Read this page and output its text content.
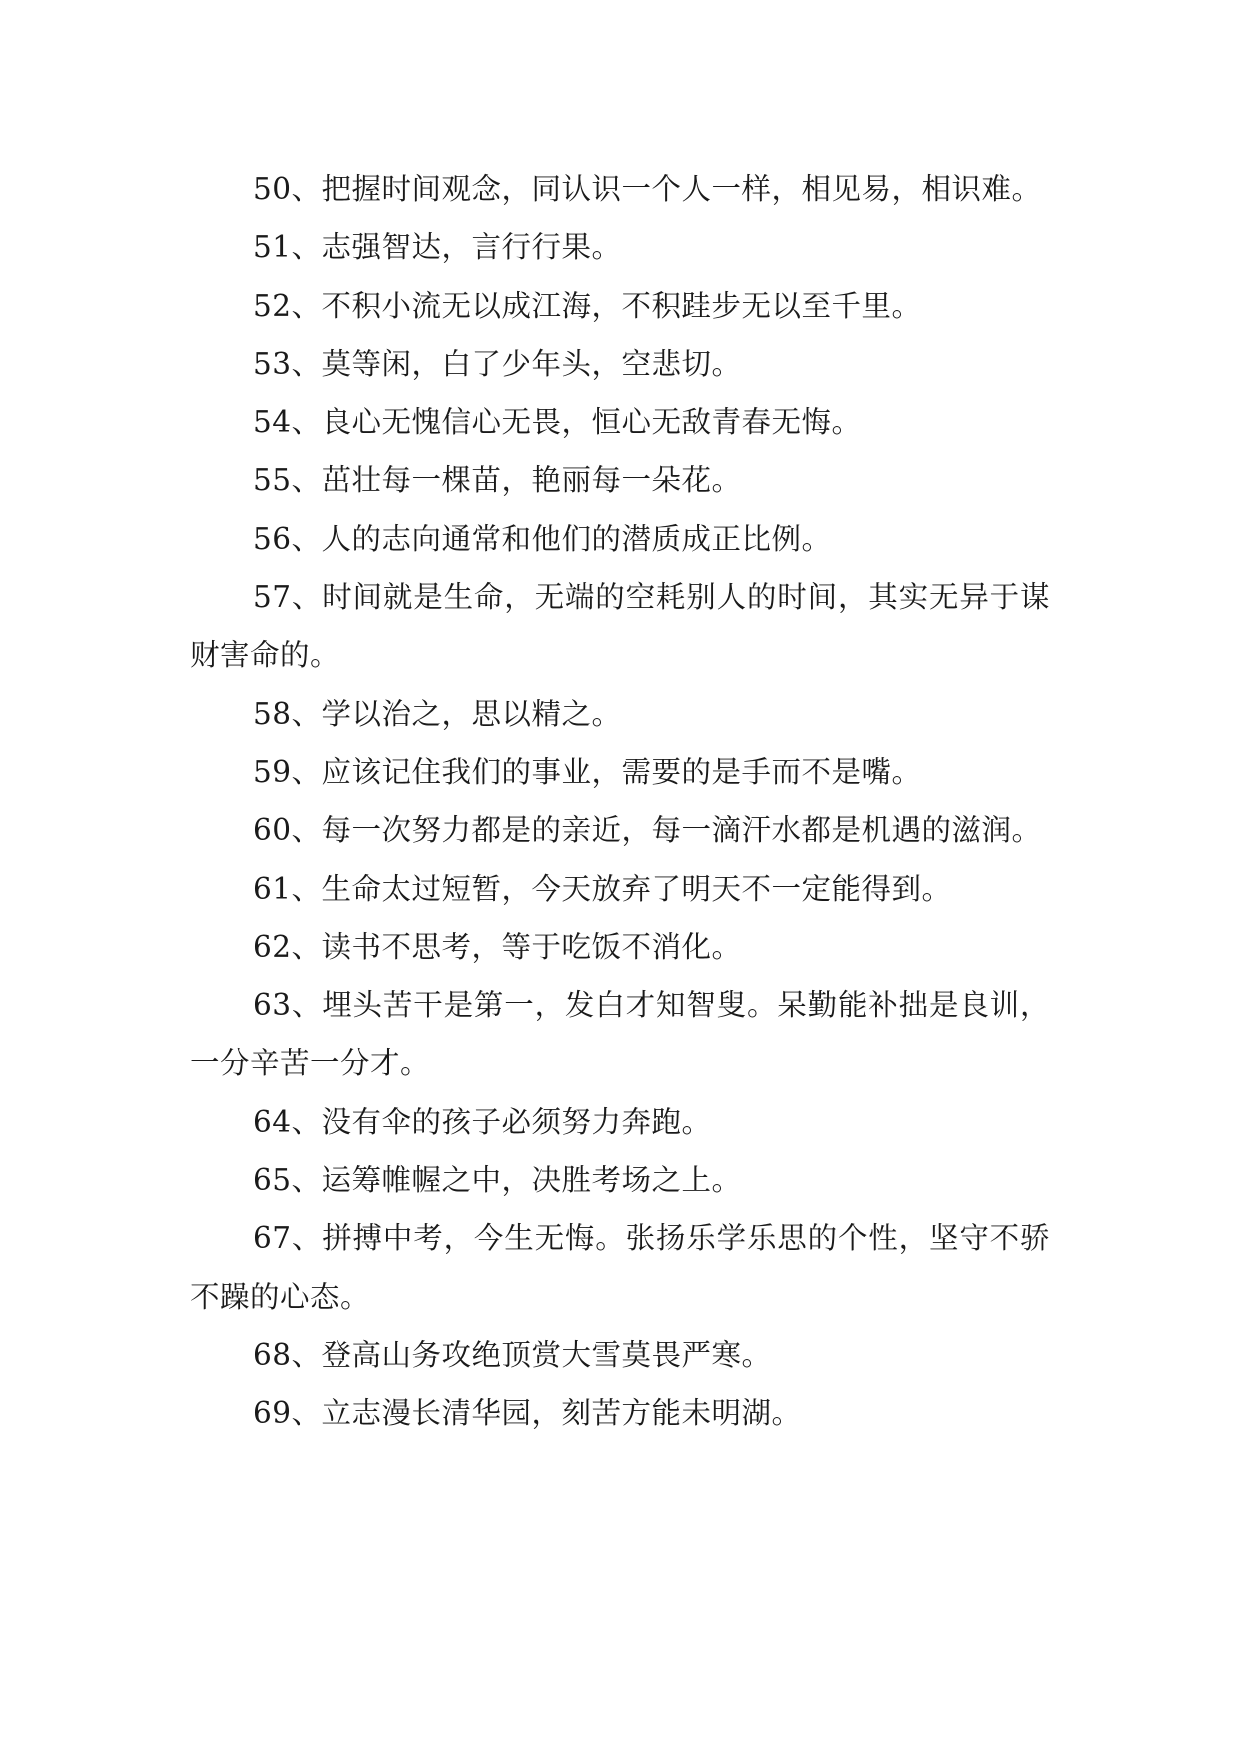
50、把握时间观念，同认识一个人一样，相见易，相识难。

51、志强智达，言行行果。

52、不积小流无以成江海，不积跬步无以至千里。

53、莫等闲，白了少年头，空悲切。

54、良心无愧信心无畏，恒心无敌青春无悔。

55、茁壮每一棵苗，艳丽每一朵花。

56、人的志向通常和他们的潜质成正比例。

57、时间就是生命，无端的空耗别人的时间，其实无异于谋财害命的。

58、学以治之，思以精之。

59、应该记住我们的事业，需要的是手而不是嘴。

60、每一次努力都是的亲近，每一滴汗水都是机遇的滋润。

61、生命太过短暂，今天放弃了明天不一定能得到。

62、读书不思考，等于吃饭不消化。

63、埋头苦干是第一，发白才知智叟。呆勤能补拙是良训，一分辛苦一分才。

64、没有伞的孩子必须努力奔跑。

65、运筹帷幄之中，决胜考场之上。

67、拼搏中考，今生无悔。张扬乐学乐思的个性，坚守不骄不躁的心态。

68、登高山务攻绝顶赏大雪莫畏严寒。

69、立志漫长清华园，刻苦方能未明湖。
